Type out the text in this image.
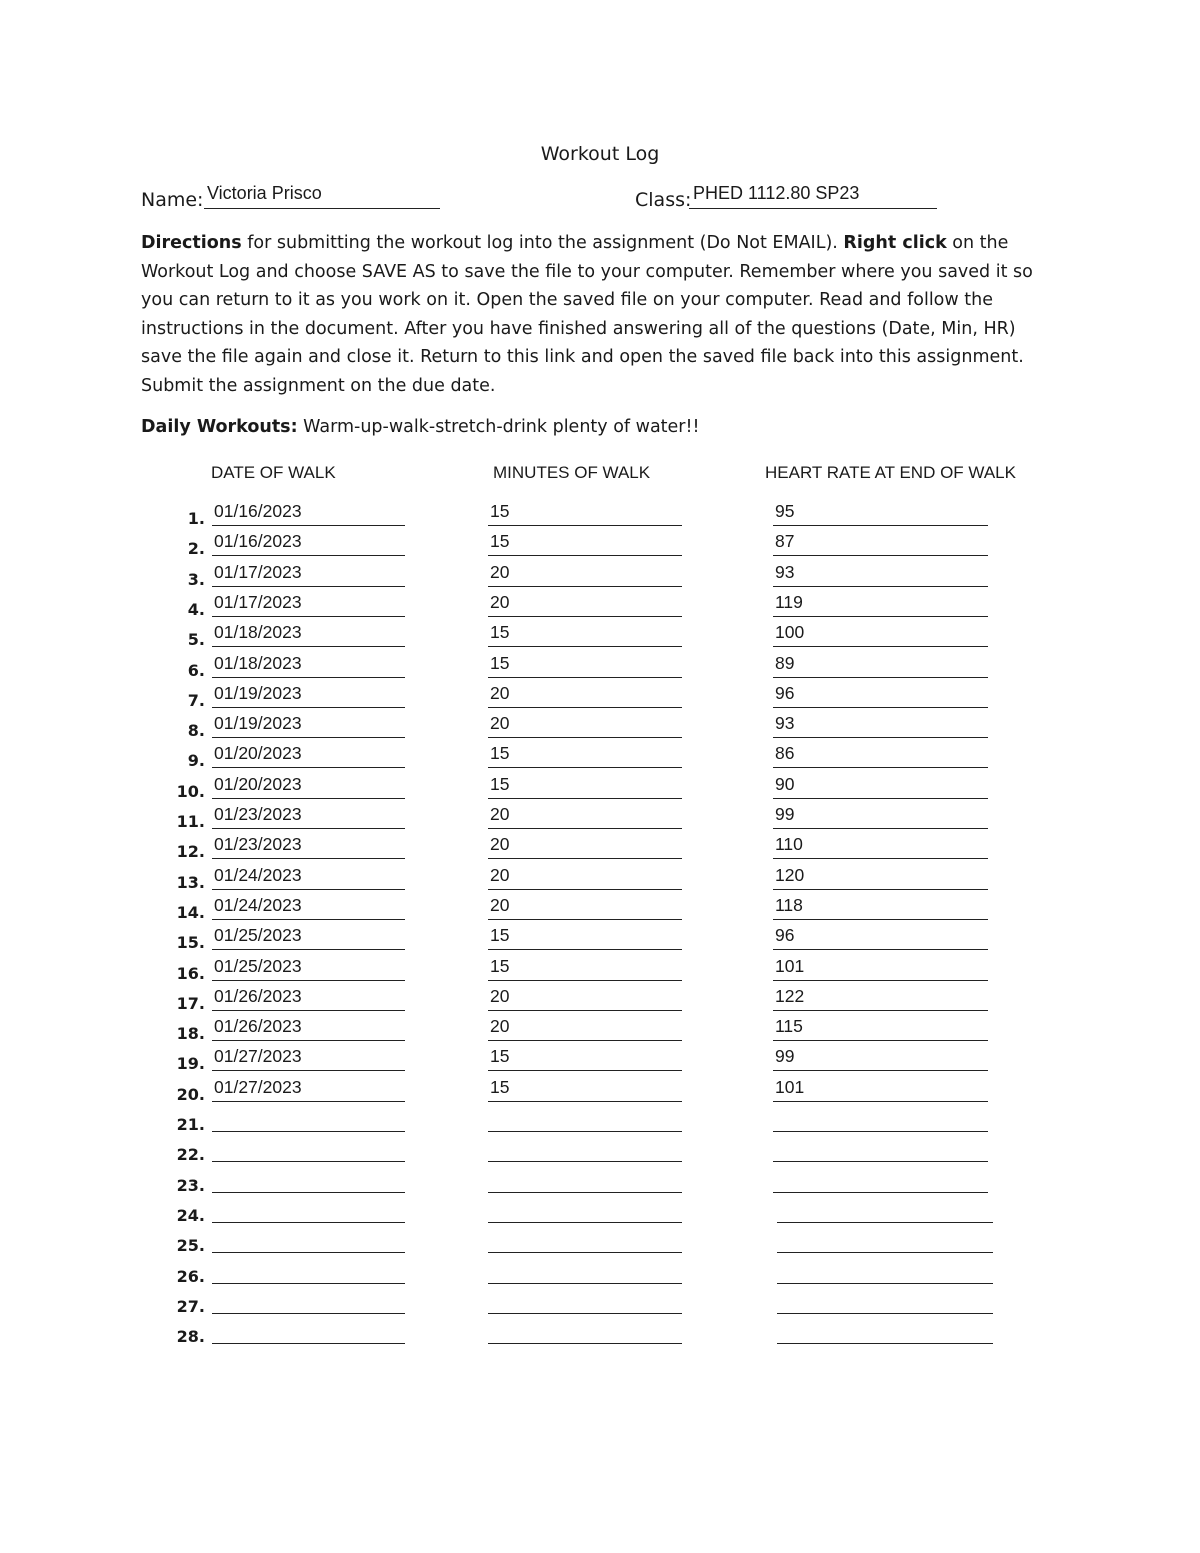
Workout Log
Name: Victoria Prisco	Class: PHED 1112.80 SP23
Directions for submitting the workout log into the assignment (Do Not EMAIL). Right click on the Workout Log and choose SAVE AS to save the file to your computer. Remember where you saved it so you can return to it as you work on it. Open the saved file on your computer. Read and follow the instructions in the document. After you have finished answering all of the questions (Date, Min, HR) save the file again and close it. Return to this link and open the saved file back into this assignment. Submit the assignment on the due date.
Daily Workouts: Warm-up-walk-stretch-drink plenty of water!!
DATE OF WALK	MINUTES OF WALK	HEART RATE AT END OF WALK
1. 01/16/2023	15	95
2. 01/16/2023	15	87
3. 01/17/2023	20	93
4. 01/17/2023	20	119
5. 01/18/2023	15	100
6. 01/18/2023	15	89
7. 01/19/2023	20	96
8. 01/19/2023	20	93
9. 01/20/2023	15	86
10. 01/20/2023	15	90
11. 01/23/2023	20	99
12. 01/23/2023	20	110
13. 01/24/2023	20	120
14. 01/24/2023	20	118
15. 01/25/2023	15	96
16. 01/25/2023	15	101
17. 01/26/2023	20	122
18. 01/26/2023	20	115
19. 01/27/2023	15	99
20. 01/27/2023	15	101
21.
22.
23.
24.
25.
26.
27.
28.
